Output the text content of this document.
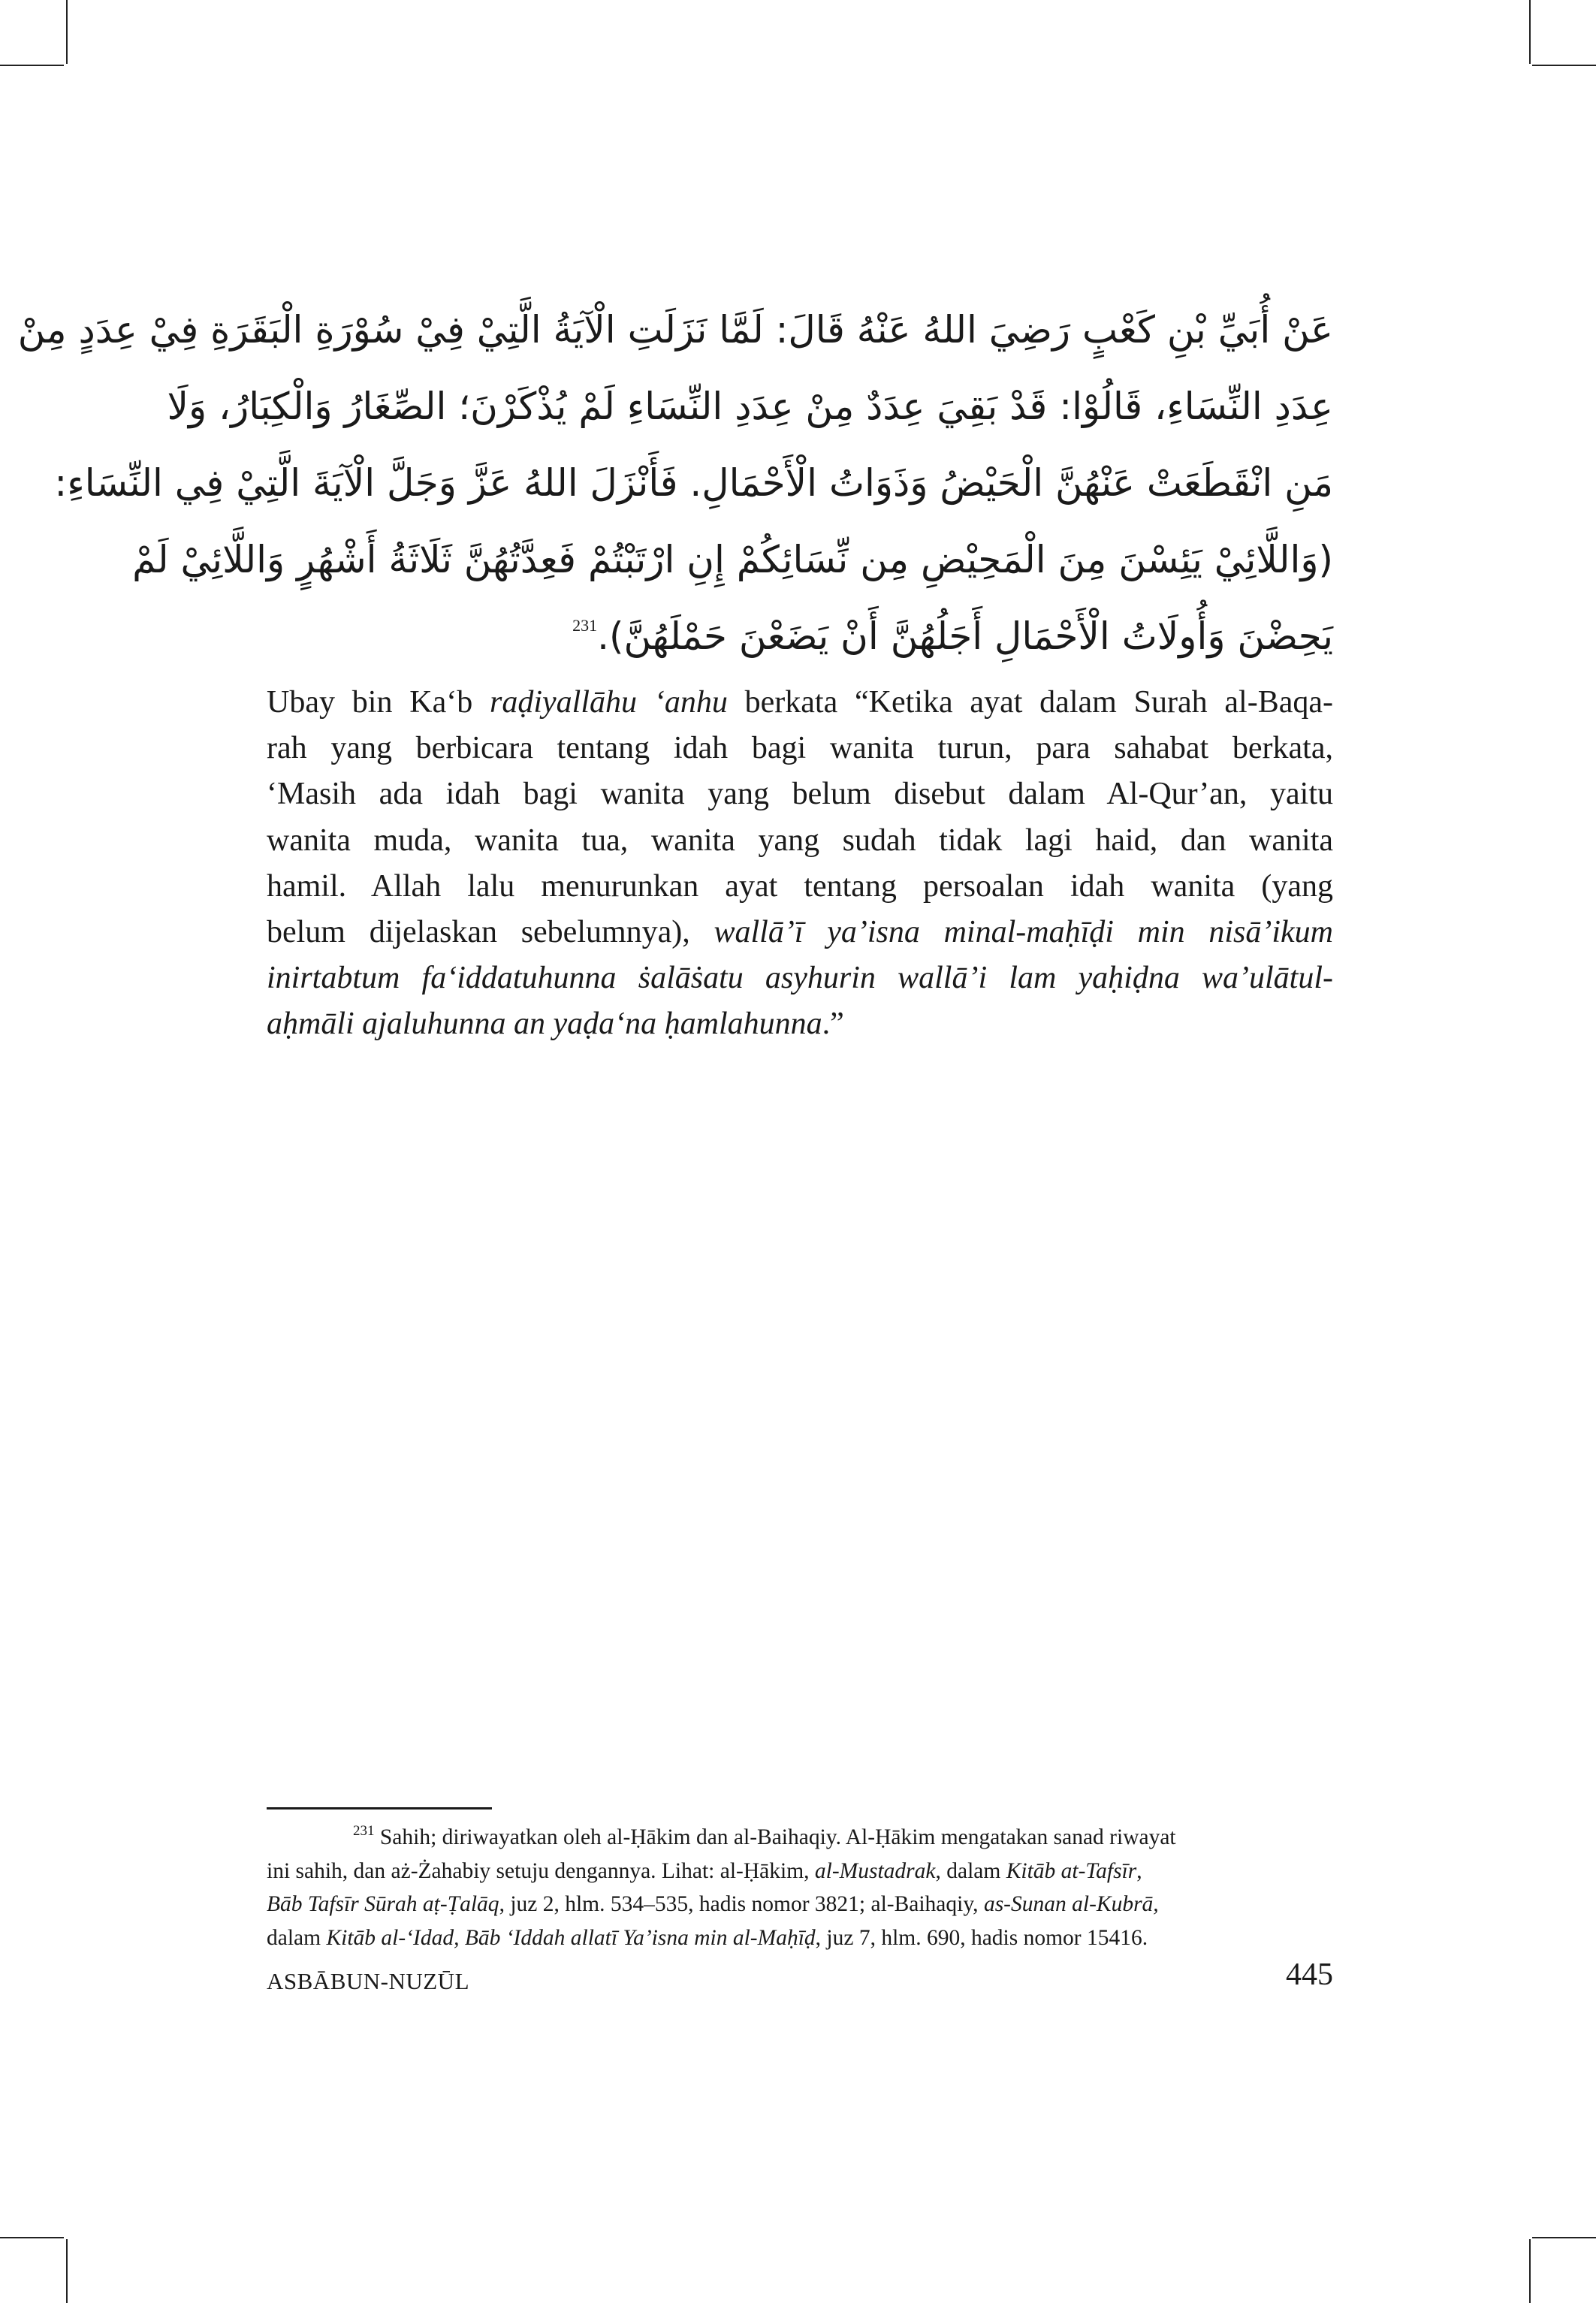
عَنْ أُبَيِّ بْنِ كَعْبٍ رَضِيَ اللهُ عَنْهُ قَالَ: لَمَّا نَزَلَتِ الْآيَةُ الَّتِيْ فِيْ سُوْرَةِ الْبَقَرَةِ فِيْ عِدَدٍ مِنْ
عِدَدِ النِّسَاءِ، قَالُوْا: قَدْ بَقِيَ عِدَدٌ مِنْ عِدَدِ النِّسَاءِ لَمْ يُذْكَرْنَ؛ الصِّغَارُ وَالْكِبَارُ، وَلَا
مَنِ انْقَطَعَتْ عَنْهُنَّ الْحَيْضُ وَذَوَاتُ الْأَحْمَالِ. فَأَنْزَلَ اللهُ عَزَّ وَجَلَّ الْآيَةَ الَّتِيْ فِي النِّسَاءِ:
(وَاللَّائِيْ يَئِسْنَ مِنَ الْمَحِيْضِ مِن نِّسَائِكُمْ إِنِ ارْتَبْتُمْ فَعِدَّتُهُنَّ ثَلَاثَةُ أَشْهُرٍ وَاللَّائِيْ لَمْ
يَحِضْنَ وَأُولَاتُ الْأَحْمَالِ أَجَلُهُنَّ أَنْ يَضَعْنَ حَمْلَهُنَّ).$^{231}$
Ubay bin Ka‘b raḍiyallāhu ‘anhu berkata “Ketika ayat dalam Surah al-Baqa-
rah yang berbicara tentang idah bagi wanita turun, para sahabat berkata,
‘Masih ada idah bagi wanita yang belum disebut dalam Al-Qur’an, yaitu
wanita muda, wanita tua, wanita yang sudah tidak lagi haid, dan wanita
hamil. Allah lalu menurunkan ayat tentang persoalan idah wanita (yang
belum dijelaskan sebelumnya), wallā’ī ya’isna minal-maḥīḍi min nisā’ikum
inirtabtum fa‘iddatuhunna ṡalāṡatu asyhurin wallā’i lam yaḥiḍna wa’ulātul-
aḥmāli ajaluhunna an yaḍa‘na ḥamlahunna.”
$^{231}$ Sahih; diriwayatkan oleh al-Ḥākim dan al-Baihaqiy. Al-Ḥākim mengatakan sanad riwayat
ini sahih, dan aż-Żahabiy setuju dengannya. Lihat: al-Ḥākim, al-Mustadrak, dalam Kitāb at-Tafsīr,
Bāb Tafsīr Sūrah aṭ-Ṭalāq, juz 2, hlm. 534–535, hadis nomor 3821; al-Baihaqiy, as-Sunan al-Kubrā,
dalam Kitāb al-‘Idad, Bāb ‘Iddah allatī Ya’isna min al-Maḥīḍ, juz 7, hlm. 690, hadis nomor 15416.
ASBĀBUN-NUZŪL	445
